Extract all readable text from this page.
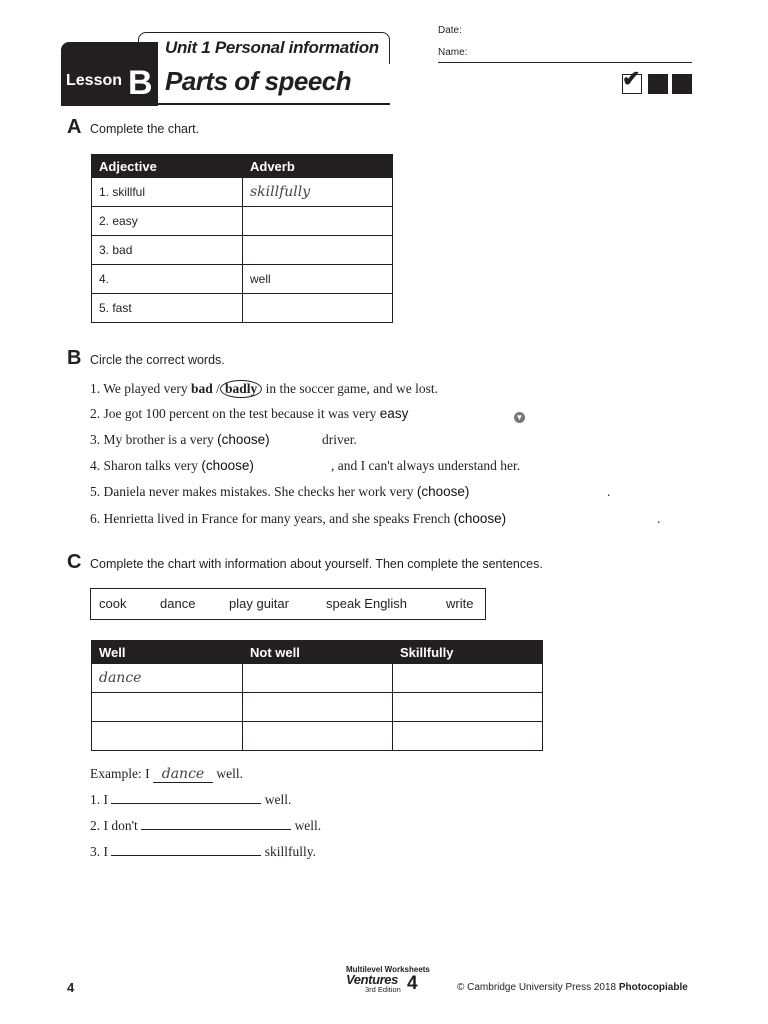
Unit 1 Personal information
Lesson B Parts of speech
Date:
Name:
✔
A Complete the chart.
Adjective	Adverb
1. skillful	skillfully
2. easy	
3. bad	
4.	well
5. fast	
B Circle the correct words.
1. We played very bad / badly in the soccer game, and we lost.
2. Joe got 100 percent on the test because it was very easy	▼
3. My brother is a very (choose)	driver.
4. Sharon talks very (choose)	, and I can't always understand her.
5. Daniela never makes mistakes. She checks her work very (choose)	.
6. Henrietta lived in France for many years, and she speaks French (choose)	.
C Complete the chart with information about yourself. Then complete the sentences.
cook	dance	play guitar	speak English	write
Well	Not well	Skillfully
dance		

Example: I dance well.
1. I	well.
2. I don't	well.
3. I	skillfully.
4
Multilevel Worksheets
Ventures
3rd Edition 4	© Cambridge University Press 2018 Photocopiable
